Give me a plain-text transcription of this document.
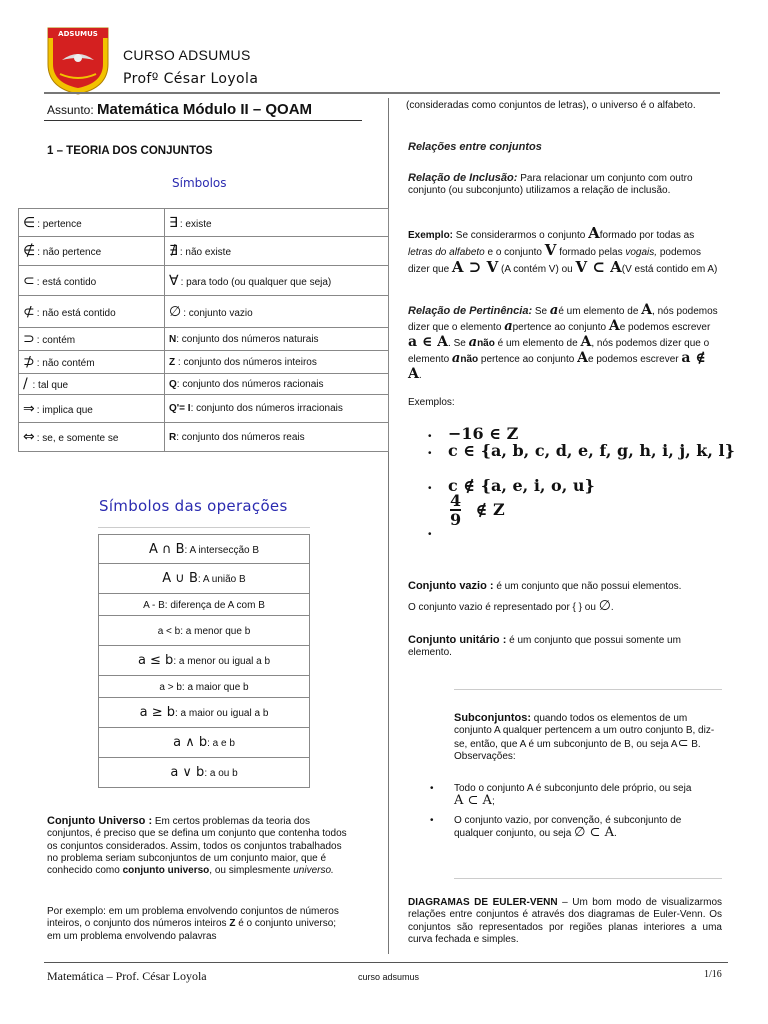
ADSUMUS
CURSO ADSUMUS
Profº César Loyola
Assunto: Matemática Módulo II – QOAM
1 – TEORIA DOS CONJUNTOS
Símbolos
∈ : pertence	∃ : existe
∉ : não pertence	∄ : não existe
⊂ : está contido	∀ : para todo (ou qualquer que seja)
⊄ : não está contido	∅ : conjunto vazio
⊃ : contém	N: conjunto dos números naturais
⊅ : não contém	Z : conjunto dos números inteiros
/ : tal que	Q: conjunto dos números racionais
⇒ : implica que	Q'= I: conjunto dos números irracionais
⇔ : se, e somente se	R: conjunto dos números reais
Símbolos das operações
A ∩ B: A intersecção B
A ∪ B: A união B
A - B: diferença de A com B
a < b: a menor que b
a ≤ b: a menor ou igual a b
a > b: a maior que b
a ≥ b: a maior ou igual a b
a ∧ b: a e b
a ∨ b: a ou b
Conjunto Universo : Em certos problemas da teoria dos conjuntos, é preciso que se defina um conjunto que contenha todos os conjuntos considerados. Assim, todos os conjuntos trabalhados no problema seriam subconjuntos de um conjunto maior, que é conhecido como conjunto universo, ou simplesmente universo.
Por exemplo: em um problema envolvendo conjuntos de números inteiros, o conjunto dos números inteiros Z é o conjunto universo; em um problema envolvendo palavras
(consideradas como conjuntos de letras), o universo é o alfabeto.
Relações entre conjuntos
Relação de Inclusão: Para relacionar um conjunto com outro conjunto (ou subconjunto) utilizamos a relação de inclusão.
Exemplo: Se considerarmos o conjunto Aformado por todas as letras do alfabeto e o conjunto V formado pelas vogais, podemos dizer que A ⊃ V (A contém V) ou V ⊂ A(V está contido em A)
Relação de Pertinência: Se aé um elemento de A, nós podemos dizer que o elemento apertence ao conjunto Ae podemos escrever a ∈ A. Se anão é um elemento de A, nós podemos dizer que o elemento anão pertence ao conjunto Ae podemos escrever a ∉ A.
Exemplos:
• −16 ∈ Z
• c ∈ {a, b, c, d, e, f, g, h, i, j, k, l}
• c ∉ {a, e, i, o, u}
$_•$
$\frac{4}{9}$ ∉ Z
Conjunto vazio : é um conjunto que não possui elementos.
O conjunto vazio é representado por { } ou ∅.
Conjunto unitário : é um conjunto que possui somente um elemento.
Subconjuntos: quando todos os elementos de um conjunto A qualquer pertencem a um outro conjunto B, diz-se, então, que A é um subconjunto de B, ou seja A⊂ B. Observações:
• Todo o conjunto A é subconjunto dele próprio, ou seja
A ⊂ A;
• O conjunto vazio, por convenção, é subconjunto de qualquer conjunto, ou seja ∅ ⊂ A.
DIAGRAMAS DE EULER-VENN – Um bom modo de visualizarmos relações entre conjuntos é através dos diagramas de Euler-Venn. Os conjuntos são representados por regiões planas interiores a uma curva fechada e simples.
Matemática – Prof. César Loyola	curso adsumus	1/16
